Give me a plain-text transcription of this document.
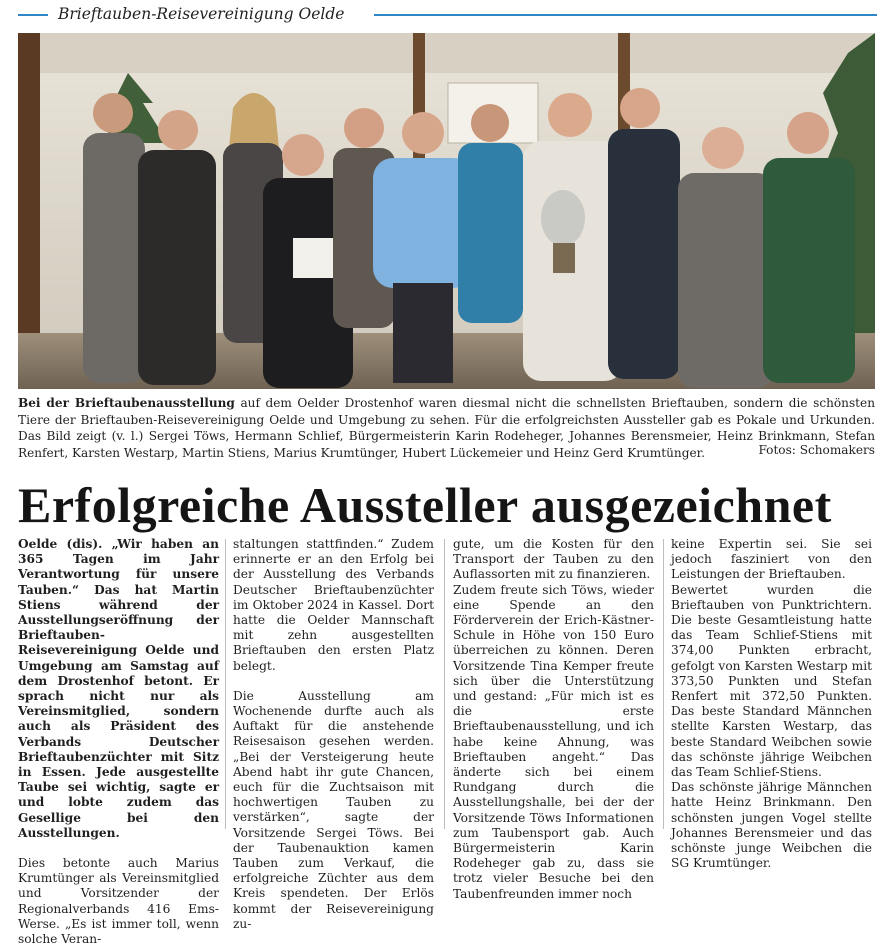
Brieftauben-Reisevereinigung Oelde
Bei der Brieftaubenausstellung auf dem Oelder Drostenhof waren diesmal nicht die schnellsten Brieftauben, sondern die schönsten Tiere der Brieftauben-Reisevereinigung Oelde und Umgebung zu sehen. Für die erfolgreichsten Aussteller gab es Pokale und Urkunden. Das Bild zeigt (v. l.) Sergei Töws, Hermann Schlief, Bürgermeisterin Karin Rodeheger, Johannes Berensmeier, Heinz Brinkmann, Stefan Renfert, Karsten Westarp, Martin Stiens, Marius Krumtünger, Hubert Lückemeier und Heinz Gerd Krumtünger.	Fotos: Schomakers
Erfolgreiche Aussteller ausgezeichnet

Oelde (dis). „Wir haben an 365 Tagen im Jahr Verantwortung für unsere Tauben.“ Das hat Martin Stiens während der Ausstellungseröffnung der Brieftauben-Reisevereinigung Oelde und Umgebung am Samstag auf dem Drostenhof betont. Er sprach nicht nur als Vereinsmitglied, sondern auch als Präsident des Verbands Deutscher Brieftaubenzüchter mit Sitz in Essen. Jede ausgestellte Taube sei wichtig, sagte er und lobte zudem das Gesellige bei den Ausstellungen.

Dies betonte auch Marius Krumtünger als Vereinsmitglied und Vorsitzender der Regionalverbands 416 Ems-Werse. „Es ist immer toll, wenn solche Veran-

staltungen stattfinden.“ Zudem erinnerte er an den Erfolg bei der Ausstellung des Verbands Deutscher Brieftaubenzüchter im Oktober 2024 in Kassel. Dort hatte die Oelder Mannschaft mit zehn ausgestellten Brieftauben den ersten Platz belegt.

Die Ausstellung am Wochenende durfte auch als Auftakt für die anstehende Reisesaison gesehen werden. „Bei der Versteigerung heute Abend habt ihr gute Chancen, euch für die Zuchtsaison mit hochwertigen Tauben zu verstärken“, sagte der Vorsitzende Sergei Töws. Bei der Taubenauktion kamen Tauben zum Verkauf, die erfolgreiche Züchter aus dem Kreis spendeten. Der Erlös kommt der Reisevereinigung zu-

gute, um die Kosten für den Transport der Tauben zu den Auflassorten mit zu finanzieren.

Zudem freute sich Töws, wieder eine Spende an den Förderverein der Erich-Kästner-Schule in Höhe von 150 Euro überreichen zu können. Deren Vorsitzende Tina Kemper freute sich über die Unterstützung und gestand: „Für mich ist es die erste Brieftaubenausstellung, und ich habe keine Ahnung, was Brieftauben angeht.“ Das änderte sich bei einem Rundgang durch die Ausstellungshalle, bei der der Vorsitzende Töws Informationen zum Taubensport gab. Auch Bürgermeisterin Karin Rodeheger gab zu, dass sie trotz vieler Besuche bei den Taubenfreunden immer noch

keine Expertin sei. Sie sei jedoch fasziniert von den Leistungen der Brieftauben.

Bewertet wurden die Brieftauben von Punktrichtern. Die beste Gesamtleistung hatte das Team Schlief-Stiens mit 374,00 Punkten erbracht, gefolgt von Karsten Westarp mit 373,50 Punkten und Stefan Renfert mit 372,50 Punkten. Das beste Standard Männchen stellte Karsten Westarp, das beste Standard Weibchen sowie das schönste jährige Weibchen das Team Schlief-Stiens.

Das schönste jährige Männchen hatte Heinz Brinkmann. Den schönsten jungen Vogel stellte Johannes Berensmeier und das schönste junge Weibchen die SG Krumtünger.
